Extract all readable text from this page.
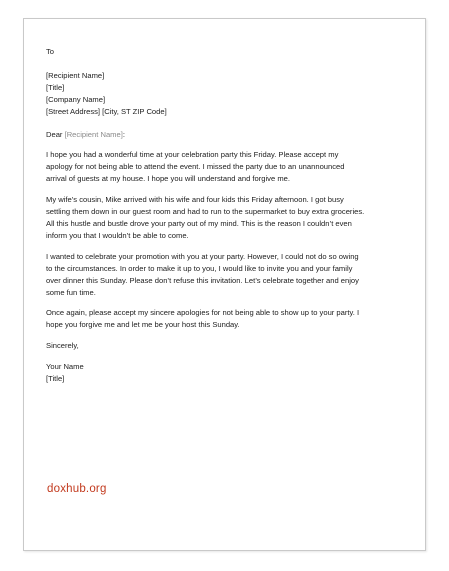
To

[Recipient Name]

[Title]

[Company Name]

[Street Address] [City, ST ZIP Code]

Dear [Recipient Name]:

I hope you had a wonderful time at your celebration party this Friday. Please accept my apology for not being able to attend the event. I missed the party due to an unannounced arrival of guests at my house. I hope you will understand and forgive me.

My wife’s cousin, Mike arrived with his wife and four kids this Friday afternoon. I got busy settling them down in our guest room and had to run to the supermarket to buy extra groceries. All this hustle and bustle drove your party out of my mind. This is the reason I couldn’t even inform you that I wouldn’t be able to come.

I wanted to celebrate your promotion with you at your party. However, I could not do so owing to the circumstances. In order to make it up to you, I would like to invite you and your family over dinner this Sunday. Please don’t refuse this invitation. Let’s celebrate together and enjoy some fun time.

Once again, please accept my sincere apologies for not being able to show up to your party. I hope you forgive me and let me be your host this Sunday.

Sincerely,

Your Name

[Title]

doxhub.org
